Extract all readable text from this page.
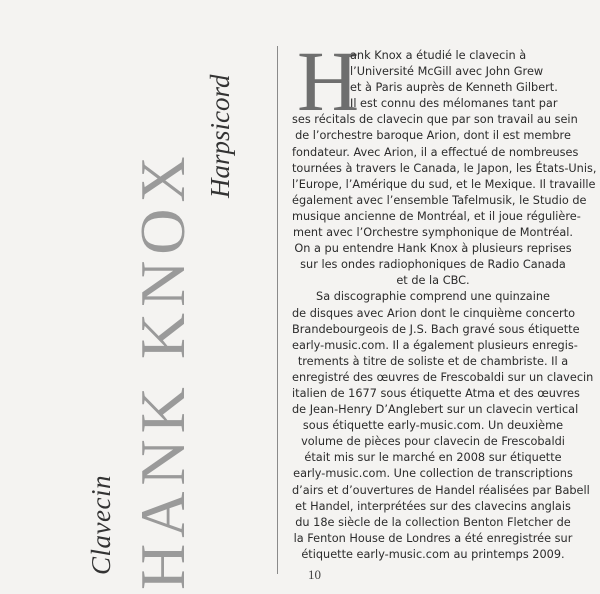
Clavecin HANK KNOX
Harpsicord H
ank Knox a étudié le clavecin à
l’Université McGill avec John Grew
et à Paris auprès de Kenneth Gilbert.
Il est connu des mélomanes tant par
ses récitals de clavecin que par son travail au sein
de l’orchestre baroque Arion, dont il est membre
fondateur. Avec Arion, il a effectué de nombreuses
tournées à travers le Canada, le Japon, les États-Unis,
l’Europe, l’Amérique du sud, et le Mexique. Il travaille
également avec l’ensemble Tafelmusik, le Studio de
musique ancienne de Montréal, et il joue régulière-
ment avec l’Orchestre symphonique de Montréal.
On a pu entendre Hank Knox à plusieurs reprises
sur les ondes radiophoniques de Radio Canada
et de la CBC.
Sa discographie comprend une quinzaine
de disques avec Arion dont le cinquième concerto
Brandebourgeois de J.S. Bach gravé sous étiquette
early-music.com. Il a également plusieurs enregis-
trements à titre de soliste et de chambriste. Il a
enregistré des œuvres de Frescobaldi sur un clavecin
italien de 1677 sous étiquette Atma et des œuvres
de Jean-Henry D’Anglebert sur un clavecin vertical
sous étiquette early-music.com. Un deuxième
volume de pièces pour clavecin de Frescobaldi
était mis sur le marché en 2008 sur étiquette
early-music.com. Une collection de transcriptions
d’airs et d’ouvertures de Handel réalisées par Babell
et Handel, interprétées sur des clavecins anglais
du 18e siècle de la collection Benton Fletcher de
la Fenton House de Londres a été enregistrée sur
étiquette early-music.com au printemps 2009.
10
